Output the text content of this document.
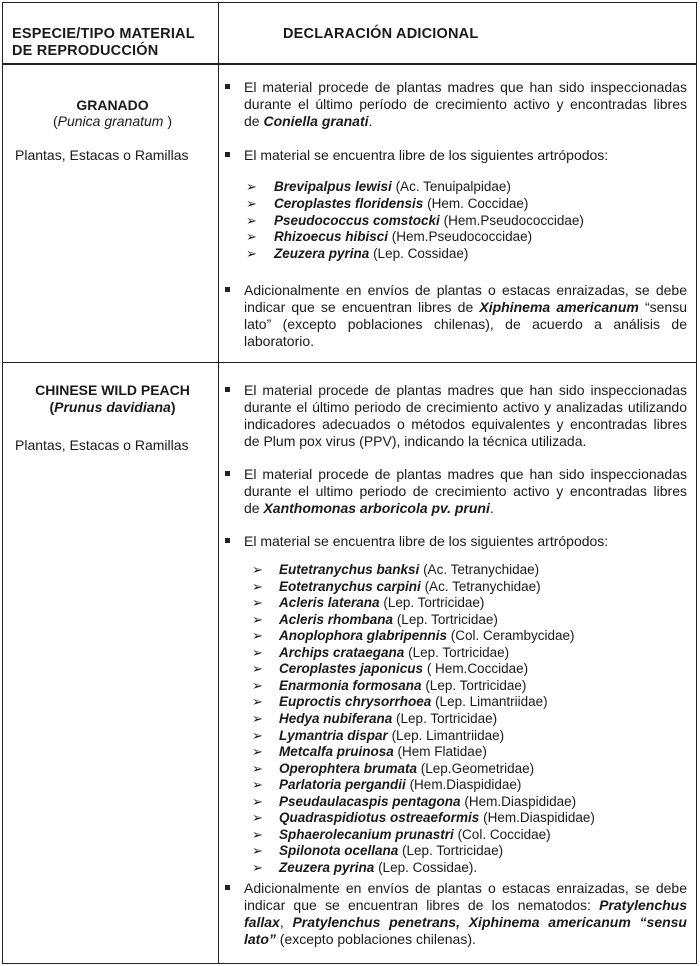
ESPECIE/TIPO MATERIAL
DE REPRODUCCIÓN
DECLARACIÓN ADICIONAL
GRANADO
(Punica granatum )
Plantas, Estacas o Ramillas
El material procede de plantas madres que han sido inspeccionadas
durante el último período de crecimiento activo y encontradas libres
de Coniella granati.
El material se encuentra libre de los siguientes artrópodos:
➢ Brevipalpus lewisi (Ac. Tenuipalpidae)
➢ Ceroplastes floridensis (Hem. Coccidae)
➢ Pseudococcus comstocki (Hem.Pseudococcidae)
➢ Rhizoecus hibisci (Hem.Pseudococcidae)
➢ Zeuzera pyrina (Lep. Cossidae)
Adicionalmente en envíos de plantas o estacas enraizadas, se debe
indicar que se encuentran libres de Xiphinema americanum “sensu
lato” (excepto poblaciones chilenas), de acuerdo a análisis de
laboratorio.
CHINESE WILD PEACH
(Prunus davidiana)
Plantas, Estacas o Ramillas
El material procede de plantas madres que han sido inspeccionadas
durante el último periodo de crecimiento activo y analizadas utilizando
indicadores adecuados o métodos equivalentes y encontradas libres
de Plum pox virus (PPV), indicando la técnica utilizada.
El material procede de plantas madres que han sido inspeccionadas
durante el ultimo periodo de crecimiento activo y encontradas libres
de Xanthomonas arboricola pv. pruni.
El material se encuentra libre de los siguientes artrópodos:
➢ Eutetranychus banksi (Ac. Tetranychidae)
➢ Eotetranychus carpini (Ac. Tetranychidae)
➢ Acleris laterana (Lep. Tortricidae)
➢ Acleris rhombana (Lep. Tortricidae)
➢ Anoplophora glabripennis (Col. Cerambycidae)
➢ Archips crataegana (Lep. Tortricidae)
➢ Ceroplastes japonicus ( Hem.Coccidae)
➢ Enarmonia formosana (Lep. Tortricidae)
➢ Euproctis chrysorrhoea (Lep. Limantriidae)
➢ Hedya nubiferana (Lep. Tortricidae)
➢ Lymantria dispar (Lep. Limantriidae)
➢ Metcalfa pruinosa (Hem Flatidae)
➢ Operophtera brumata (Lep.Geometridae)
➢ Parlatoria pergandii (Hem.Diaspididae)
➢ Pseudaulacaspis pentagona (Hem.Diaspididae)
➢ Quadraspidiotus ostreaeformis (Hem.Diaspididae)
➢ Sphaerolecanium prunastri (Col. Coccidae)
➢ Spilonota ocellana (Lep. Tortricidae)
➢ Zeuzera pyrina (Lep. Cossidae).
Adicionalmente en envíos de plantas o estacas enraizadas, se debe
indicar que se encuentran libres de los nematodos: Pratylenchus
fallax, Pratylenchus penetrans, Xiphinema americanum “sensu
lato” (excepto poblaciones chilenas).
